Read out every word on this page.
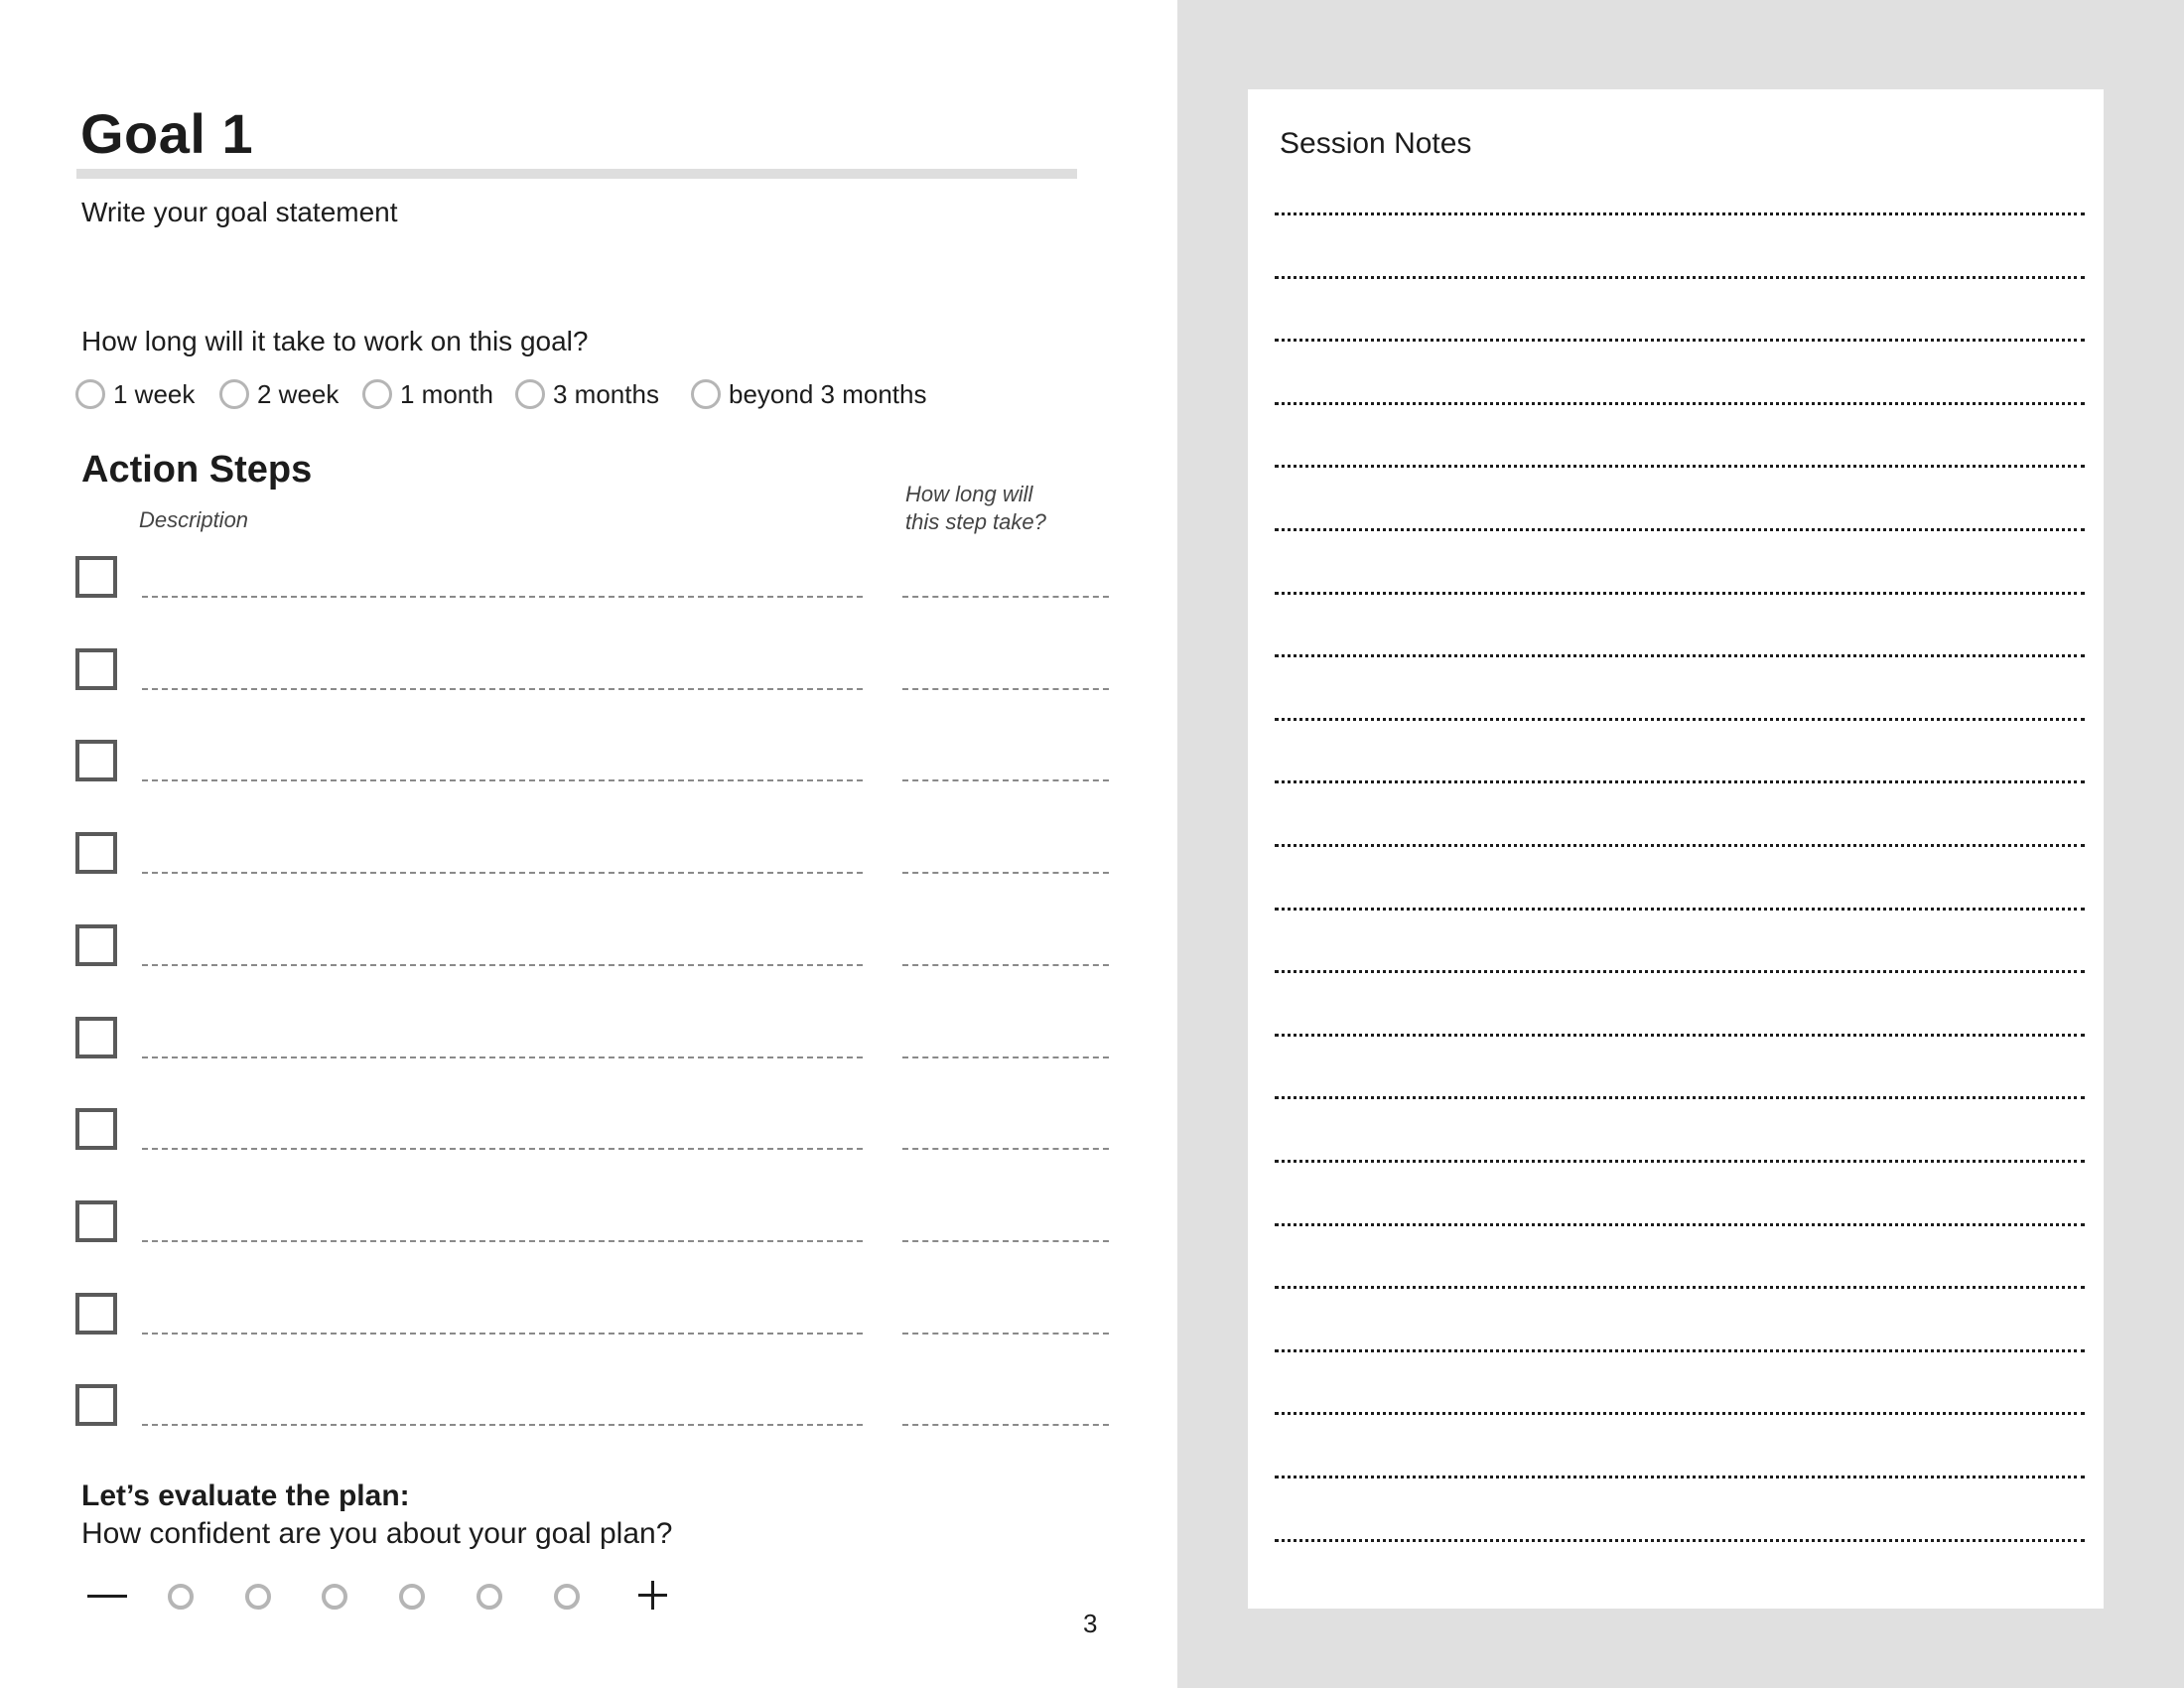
Goal 1
Write your goal statement
How long will it take to work on this goal?
1 week 2 week 1 month 3 months	beyond 3 months
Action Steps
Description
How long will
this step take?
Let’s evaluate the plan:
How confident are you about your goal plan?
3
Session Notes
